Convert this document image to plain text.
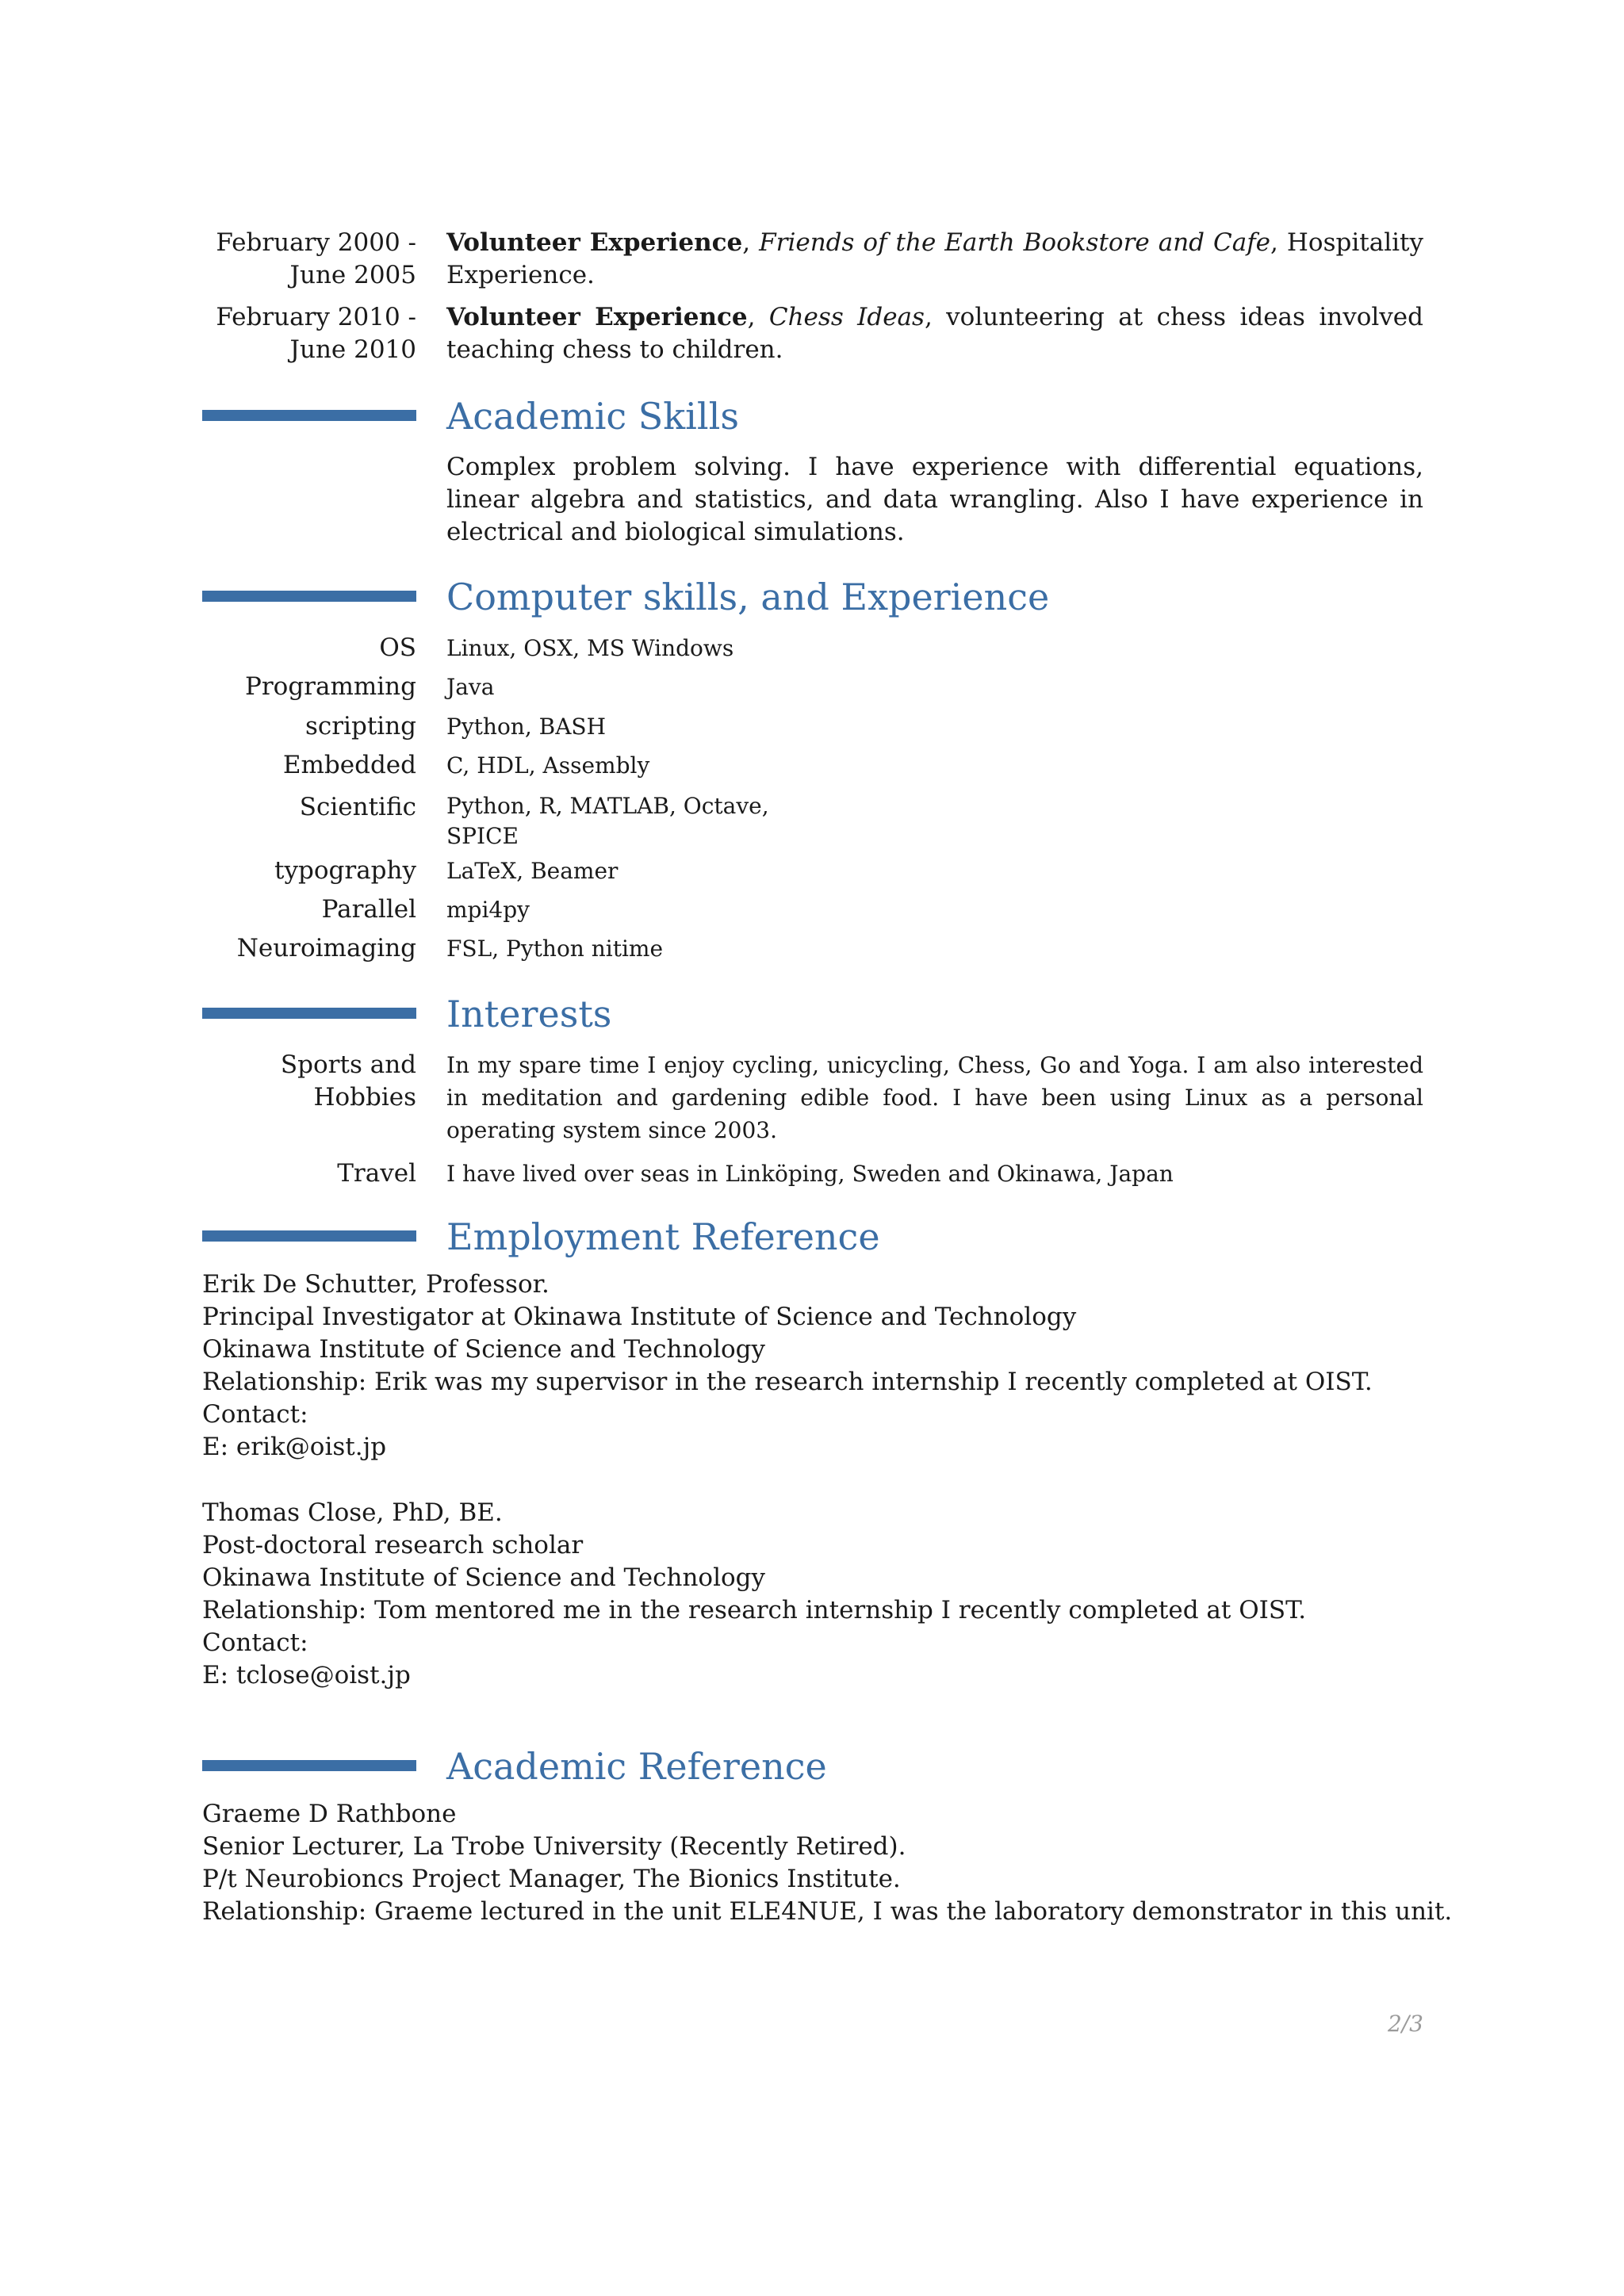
February 2000 - June 2005
Volunteer Experience, Friends of the Earth Bookstore and Cafe, Hospitality Experience.
February 2010 - June 2010
Volunteer Experience, Chess Ideas, volunteering at chess ideas involved teaching chess to children.
Academic Skills
Complex problem solving. I have experience with differential equations, linear algebra and statistics, and data wrangling. Also I have experience in electrical and biological simulations.
Computer skills, and Experience
OS Linux, OSX, MS Windows
Programming Java
scripting Python, BASH
Embedded C, HDL, Assembly
Scientific Python, R, MATLAB, Octave, SPICE
typography LaTeX, Beamer
Parallel mpi4py
Neuroimaging FSL, Python nitime
Interests
Sports and Hobbies
In my spare time I enjoy cycling, unicycling, Chess, Go and Yoga. I am also interested in meditation and gardening edible food. I have been using Linux as a personal operating system since 2003.
Travel I have lived over seas in Linköping, Sweden and Okinawa, Japan
Employment Reference
Erik De Schutter, Professor.
Principal Investigator at Okinawa Institute of Science and Technology
Okinawa Institute of Science and Technology
Relationship: Erik was my supervisor in the research internship I recently completed at OIST.
Contact:
E: erik@oist.jp
Thomas Close, PhD, BE.
Post-doctoral research scholar
Okinawa Institute of Science and Technology
Relationship: Tom mentored me in the research internship I recently completed at OIST.
Contact:
E: tclose@oist.jp
Academic Reference
Graeme D Rathbone
Senior Lecturer, La Trobe University (Recently Retired).
P/t Neurobioncs Project Manager, The Bionics Institute.
Relationship: Graeme lectured in the unit ELE4NUE, I was the laboratory demonstrator in this unit.
2/3
